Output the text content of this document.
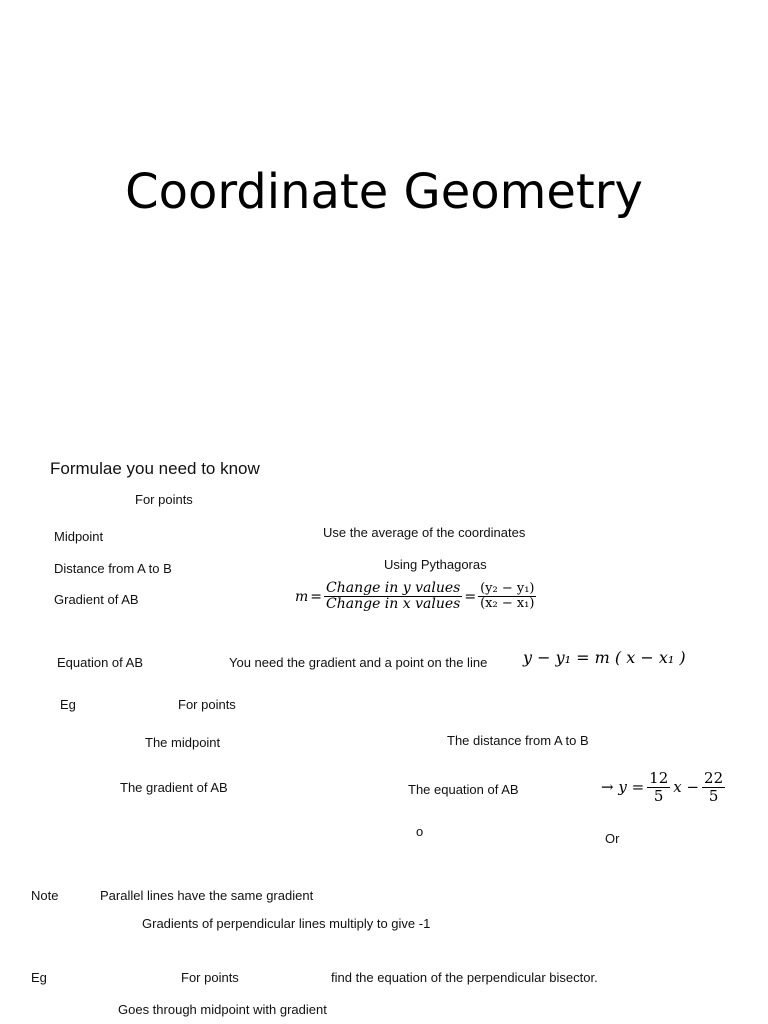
Coordinate Geometry
Formulae you need to know
For points
Midpoint	Use the average of the coordinates
Distance from A to B	Using Pythagoras
Gradient of AB	$m = \frac{\text{Change in y values}}{\text{Change in x values}} = \frac{\text{(y₂ − y₁)}}{\text{(x₂ − x₁)}}$
Equation of AB	You need the gradient and a point on the line y − y₁ = m ( x − x₁ )
Eg	For points
The midpoint	The distance from A to B
The gradient of AB	The equation of AB	→ $y = \frac{12}{5}$ $x - \frac{22}{5}$
o	Or
Note	Parallel lines have the same gradient
Gradients of perpendicular lines multiply to give -1
Eg	For points	find the equation of the perpendicular bisector.
Goes through midpoint with gradient
